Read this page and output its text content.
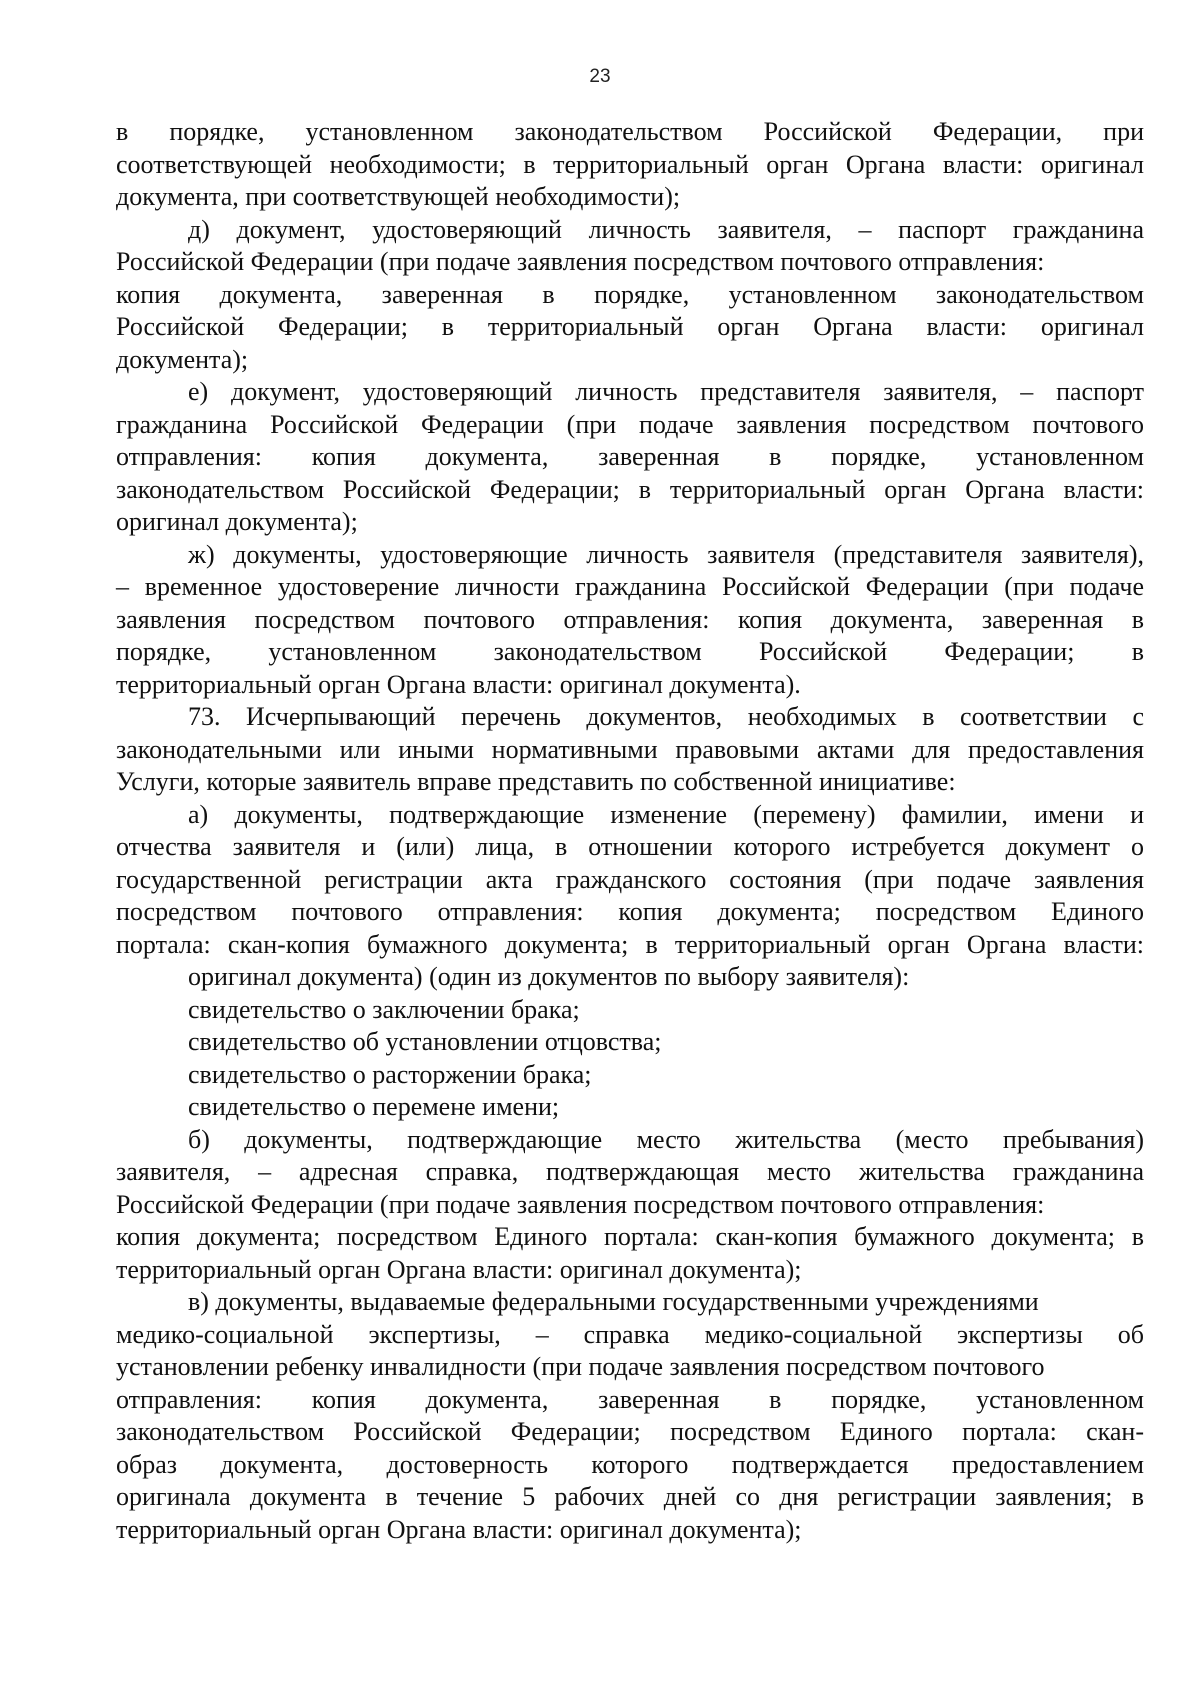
23
в порядке, установленном законодательством Российской Федерации, при
соответствующей необходимости; в территориальный орган Органа власти: оригинал
документа, при соответствующей необходимости);
д) документ, удостоверяющий личность заявителя, – паспорт гражданина
Российской Федерации (при подаче заявления посредством почтового отправления:
копия документа, заверенная в порядке, установленном законодательством
Российской Федерации; в территориальный орган Органа власти: оригинал
документа);
е) документ, удостоверяющий личность представителя заявителя, – паспорт
гражданина Российской Федерации (при подаче заявления посредством почтового
отправления: копия документа, заверенная в порядке, установленном
законодательством Российской Федерации; в территориальный орган Органа власти:
оригинал документа);
ж) документы, удостоверяющие личность заявителя (представителя заявителя),
– временное удостоверение личности гражданина Российской Федерации (при подаче
заявления посредством почтового отправления: копия документа, заверенная в
порядке, установленном законодательством Российской Федерации; в
территориальный орган Органа власти: оригинал документа).
73. Исчерпывающий перечень документов, необходимых в соответствии с
законодательными или иными нормативными правовыми актами для предоставления
Услуги, которые заявитель вправе представить по собственной инициативе:
а) документы, подтверждающие изменение (перемену) фамилии, имени и
отчества заявителя и (или) лица, в отношении которого истребуется документ о
государственной регистрации акта гражданского состояния (при подаче заявления
посредством почтового отправления: копия документа; посредством Единого
портала: скан-копия бумажного документа; в территориальный орган Органа власти:
оригинал документа) (один из документов по выбору заявителя):
свидетельство о заключении брака;
свидетельство об установлении отцовства;
свидетельство о расторжении брака;
свидетельство о перемене имени;
б) документы, подтверждающие место жительства (место пребывания)
заявителя, – адресная справка, подтверждающая место жительства гражданина
Российской Федерации (при подаче заявления посредством почтового отправления:
копия документа; посредством Единого портала: скан-копия бумажного документа; в
территориальный орган Органа власти: оригинал документа);
в) документы, выдаваемые федеральными государственными учреждениями
медико-социальной экспертизы, – справка медико-социальной экспертизы об
установлении ребенку инвалидности (при подаче заявления посредством почтового
отправления: копия документа, заверенная в порядке, установленном
законодательством Российской Федерации; посредством Единого портала: скан-
образ документа, достоверность которого подтверждается предоставлением
оригинала документа в течение 5 рабочих дней со дня регистрации заявления; в
территориальный орган Органа власти: оригинал документа);
